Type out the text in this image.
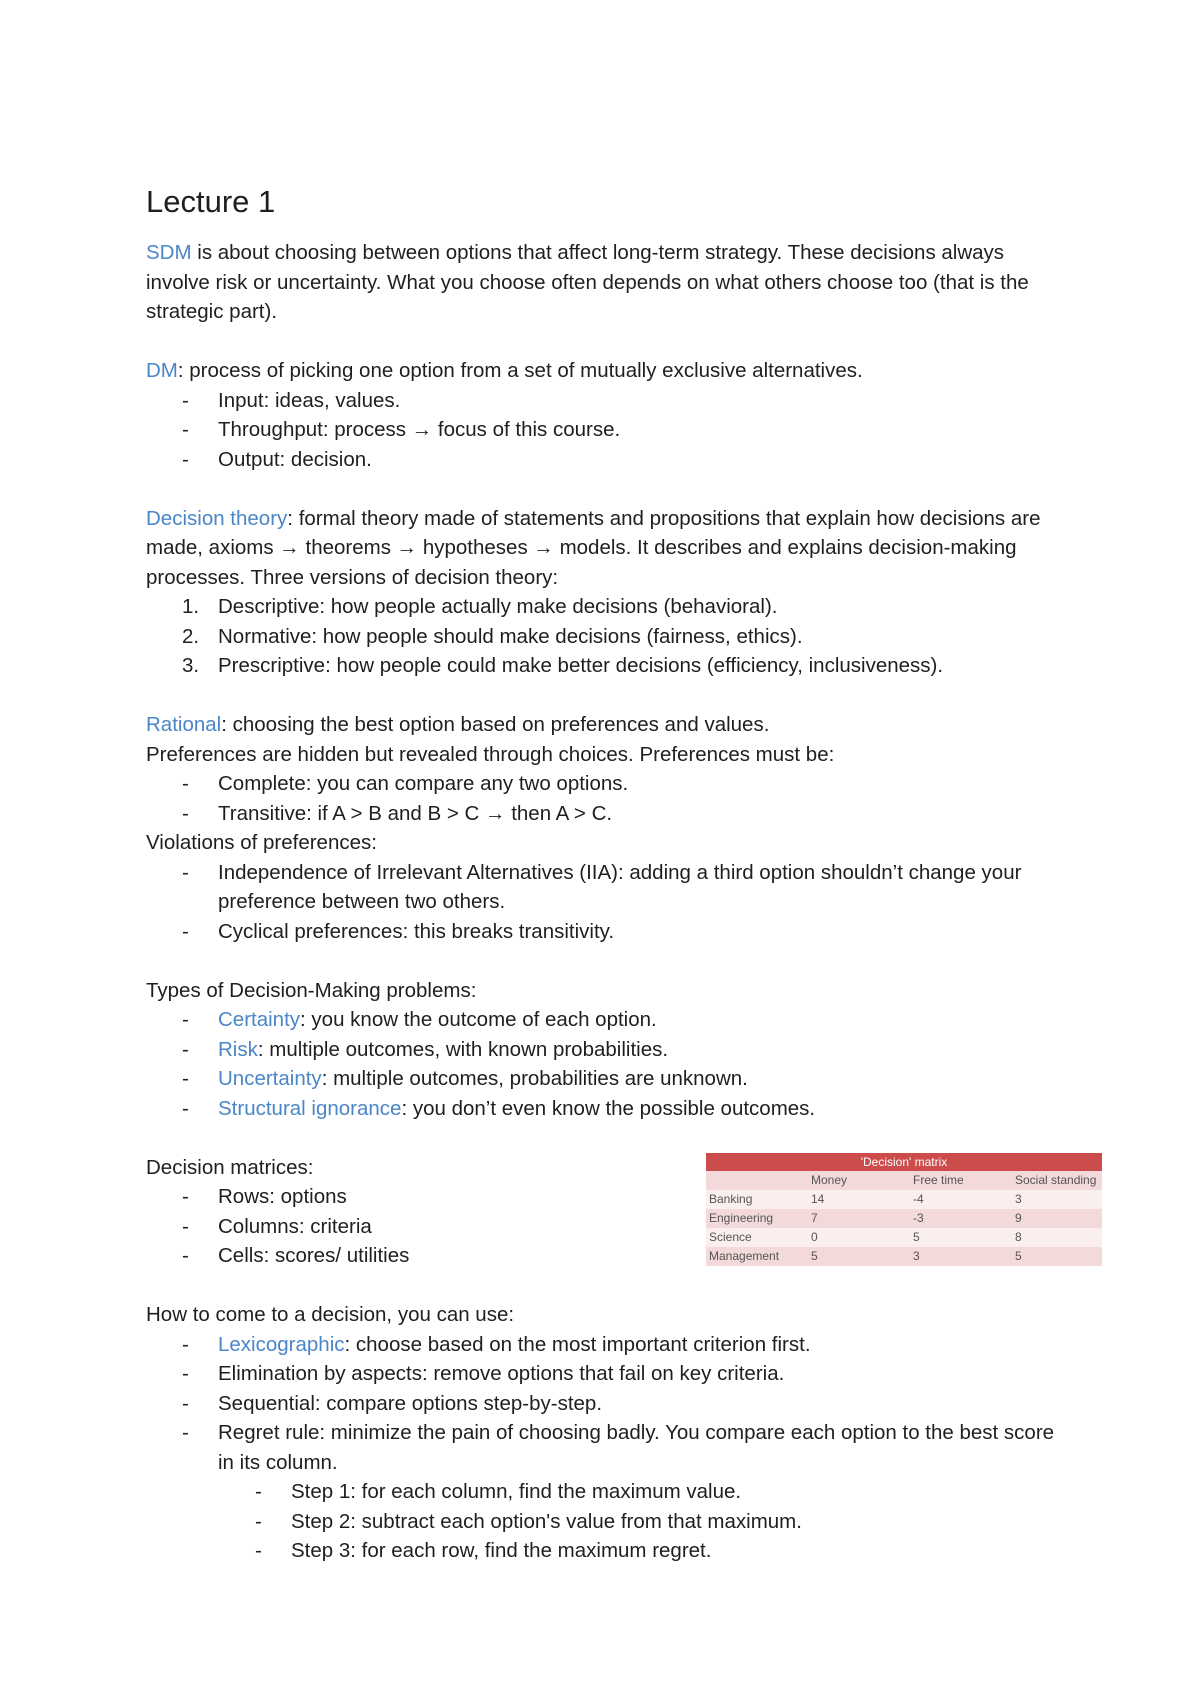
Lecture 1

SDM is about choosing between options that affect long-term strategy. These decisions always involve risk or uncertainty. What you choose often depends on what others choose too (that is the strategic part).

DM: process of picking one option from a set of mutually exclusive alternatives.

- Input: ideas, values.
- Throughput: process → focus of this course.
- Output: decision.

Decision theory: formal theory made of statements and propositions that explain how decisions are made, axioms → theorems → hypotheses → models. It describes and explains decision-making processes. Three versions of decision theory:

1. Descriptive: how people actually make decisions (behavioral).
2. Normative: how people should make decisions (fairness, ethics).
3. Prescriptive: how people could make better decisions (efficiency, inclusiveness).

Rational: choosing the best option based on preferences and values.

Preferences are hidden but revealed through choices. Preferences must be:

- Complete: you can compare any two options.
- Transitive: if A > B and B > C → then A > C.

Violations of preferences:

- Independence of Irrelevant Alternatives (IIA): adding a third option shouldn’t change your preference between two others.
- Cyclical preferences: this breaks transitivity.

Types of Decision-Making problems:

- Certainty: you know the outcome of each option.
- Risk: multiple outcomes, with known probabilities.
- Uncertainty: multiple outcomes, probabilities are unknown.
- Structural ignorance: you don’t even know the possible outcomes.

Decision matrices:

- Rows: options
- Columns: criteria
- Cells: scores/ utilities
'Decision' matrix			
	Money	Free time	Social standing
Banking	14	-4	3
Engineering	7	-3	9
Science	0	5	8
Management	5	3	5

How to come to a decision, you can use:

- Lexicographic: choose based on the most important criterion first.
- Elimination by aspects: remove options that fail on key criteria.
- Sequential: compare options step-by-step.
- Regret rule: minimize the pain of choosing badly. You compare each option to the best score in its column.
- Step 1: for each column, find the maximum value.
- Step 2: subtract each option's value from that maximum.
- Step 3: for each row, find the maximum regret.
